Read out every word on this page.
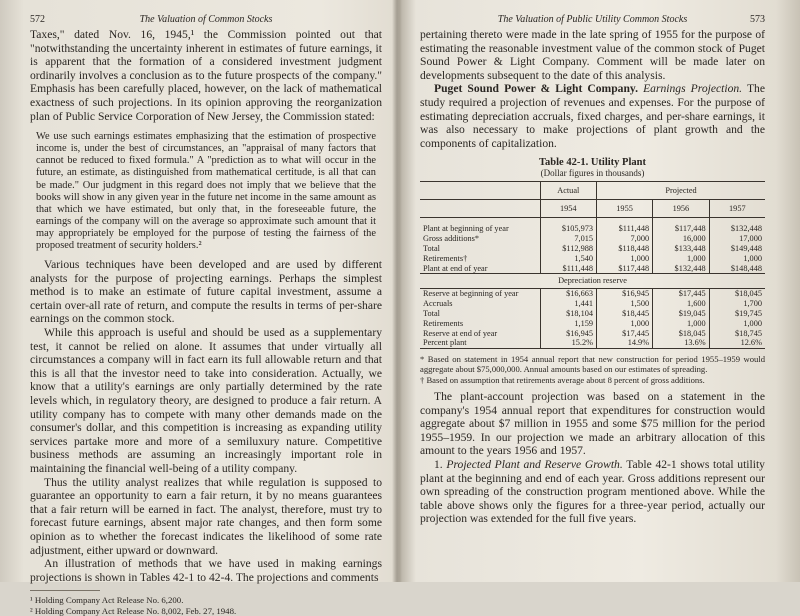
572	The Valuation of Common Stocks

Taxes," dated Nov. 16, 1945,¹ the Commission pointed out that "notwithstanding the uncertainty inherent in estimates of future earnings, it is apparent that the formation of a considered investment judgment ordinarily involves a conclusion as to the future prospects of the company." Emphasis has been carefully placed, however, on the lack of mathematical exactness of such projections. In its opinion approving the reorganization plan of Public Service Corporation of New Jersey, the Commission stated:

We use such earnings estimates emphasizing that the estimation of prospective income is, under the best of circumstances, an "appraisal of many factors that cannot be reduced to fixed formula." A "prediction as to what will occur in the future, an estimate, as distinguished from mathematical certitude, is all that can be made." Our judgment in this regard does not imply that we believe that the books will show in any given year in the future net income in the same amount as that which we have estimated, but only that, in the foreseeable future, the earnings of the company will on the average so approximate such amount that it may appropriately be employed for the purpose of testing the fairness of the proposed treatment of security holders.²

Various techniques have been developed and are used by different analysts for the purpose of projecting earnings. Perhaps the simplest method is to make an estimate of future capital investment, assume a certain over-all rate of return, and compute the results in terms of per-share earnings on the common stock.

While this approach is useful and should be used as a supplementary test, it cannot be relied on alone. It assumes that under virtually all circumstances a company will in fact earn its full allowable return and that this is all that the investor need to take into consideration. Actually, we know that a utility's earnings are only partially determined by the rate levels which, in regulatory theory, are designed to produce a fair return. A utility company has to compete with many other demands made on the consumer's dollar, and this competition is increasing as expanding utility services partake more and more of a semiluxury nature. Competitive business methods are assuming an increasingly important role in maintaining the financial well-being of a utility company.

Thus the utility analyst realizes that while regulation is supposed to guarantee an opportunity to earn a fair return, it by no means guarantees that a fair return will be earned in fact. The analyst, therefore, must try to forecast future earnings, absent major rate changes, and then form some opinion as to whether the forecast indicates the likelihood of some rate adjustment, either upward or downward.

An illustration of methods that we have used in making earnings projections is shown in Tables 42-1 to 42-4. The projections and comments

¹ Holding Company Act Release No. 6,200.
² Holding Company Act Release No. 8,002, Feb. 27, 1948.
The Valuation of Public Utility Common Stocks	573

pertaining thereto were made in the late spring of 1955 for the purpose of estimating the reasonable investment value of the common stock of Puget Sound Power & Light Company. Comment will be made later on developments subsequent to the date of this analysis.

Puget Sound Power & Light Company. Earnings Projection. The study required a projection of revenues and expenses. For the purpose of estimating depreciation accruals, fixed charges, and per-share earnings, it was also necessary to make projections of plant growth and the components of capitalization.

Table 42-1. Utility Plant
(Dollar figures in thousands)
	Actual	Projected		
	1954	1955	1956	1957

Plant at beginning of year	$105,973	$111,448	$117,448	$132,448
Gross additions*	7,015	7,000	16,000	17,000
Total	$112,988	$118,448	$133,448	$149,448
Retirements†	1,540	1,000	1,000	1,000
Plant at end of year	$111,448	$117,448	$132,448	$148,448
Depreciation reserve				
Reserve at beginning of year	$16,663	$16,945	$17,445	$18,045
Accruals	1,441	1,500	1,600	1,700
Total	$18,104	$18,445	$19,045	$19,745
Retirements	1,159	1,000	1,000	1,000
Reserve at end of year	$16,945	$17,445	$18,045	$18,745
Percent plant	15.2%	14.9%	13.6%	12.6%
* Based on statement in 1954 annual report that new construction for period 1955–1959 would aggregate about $75,000,000. Annual amounts based on our estimates of spreading.
† Based on assumption that retirements average about 8 percent of gross additions.

The plant-account projection was based on a statement in the company's 1954 annual report that expenditures for construction would aggregate about $7 million in 1955 and some $75 million for the period 1955–1959. In our projection we made an arbitrary allocation of this amount to the years 1956 and 1957.

1. Projected Plant and Reserve Growth. Table 42-1 shows total utility plant at the beginning and end of each year. Gross additions represent our own spreading of the construction program mentioned above. While the table above shows only the figures for a three-year period, actually our projection was extended for the full five years.
